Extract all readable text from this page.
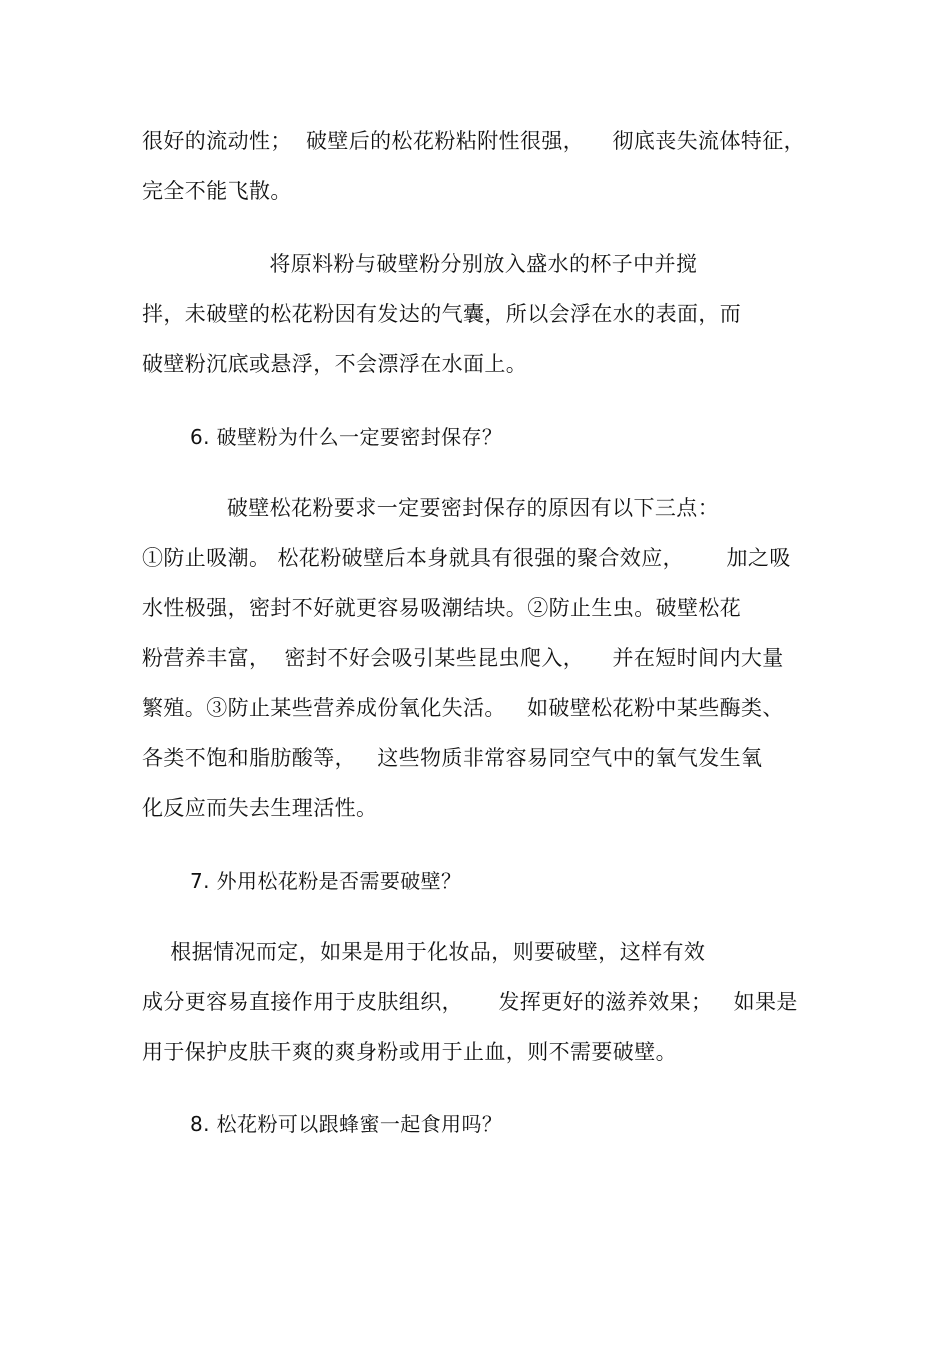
很好的流动性；  破壁后的松花粉粘附性很强，    彻底丧失流体特征，
完全不能飞散。
将原料粉与破壁粉分别放入盛水的杯子中并搅
拌，未破壁的松花粉因有发达的气囊，所以会浮在水的表面，而
破壁粉沉底或悬浮，不会漂浮在水面上。
6. 破壁粉为什么一定要密封保存？
破壁松花粉要求一定要密封保存的原因有以下三点：
①防止吸潮。 松花粉破壁后本身就具有很强的聚合效应，      加之吸
水性极强，密封不好就更容易吸潮结块。②防止生虫。破壁松花
粉营养丰富，  密封不好会吸引某些昆虫爬入，    并在短时间内大量
繁殖。③防止某些营养成份氧化失活。   如破壁松花粉中某些酶类、
各类不饱和脂肪酸等，   这些物质非常容易同空气中的氧气发生氧
化反应而失去生理活性。
7. 外用松花粉是否需要破壁？
根据情况而定，如果是用于化妆品，则要破壁，这样有效
成分更容易直接作用于皮肤组织，     发挥更好的滋养效果；   如果是
用于保护皮肤干爽的爽身粉或用于止血，则不需要破壁。
8. 松花粉可以跟蜂蜜一起食用吗？
